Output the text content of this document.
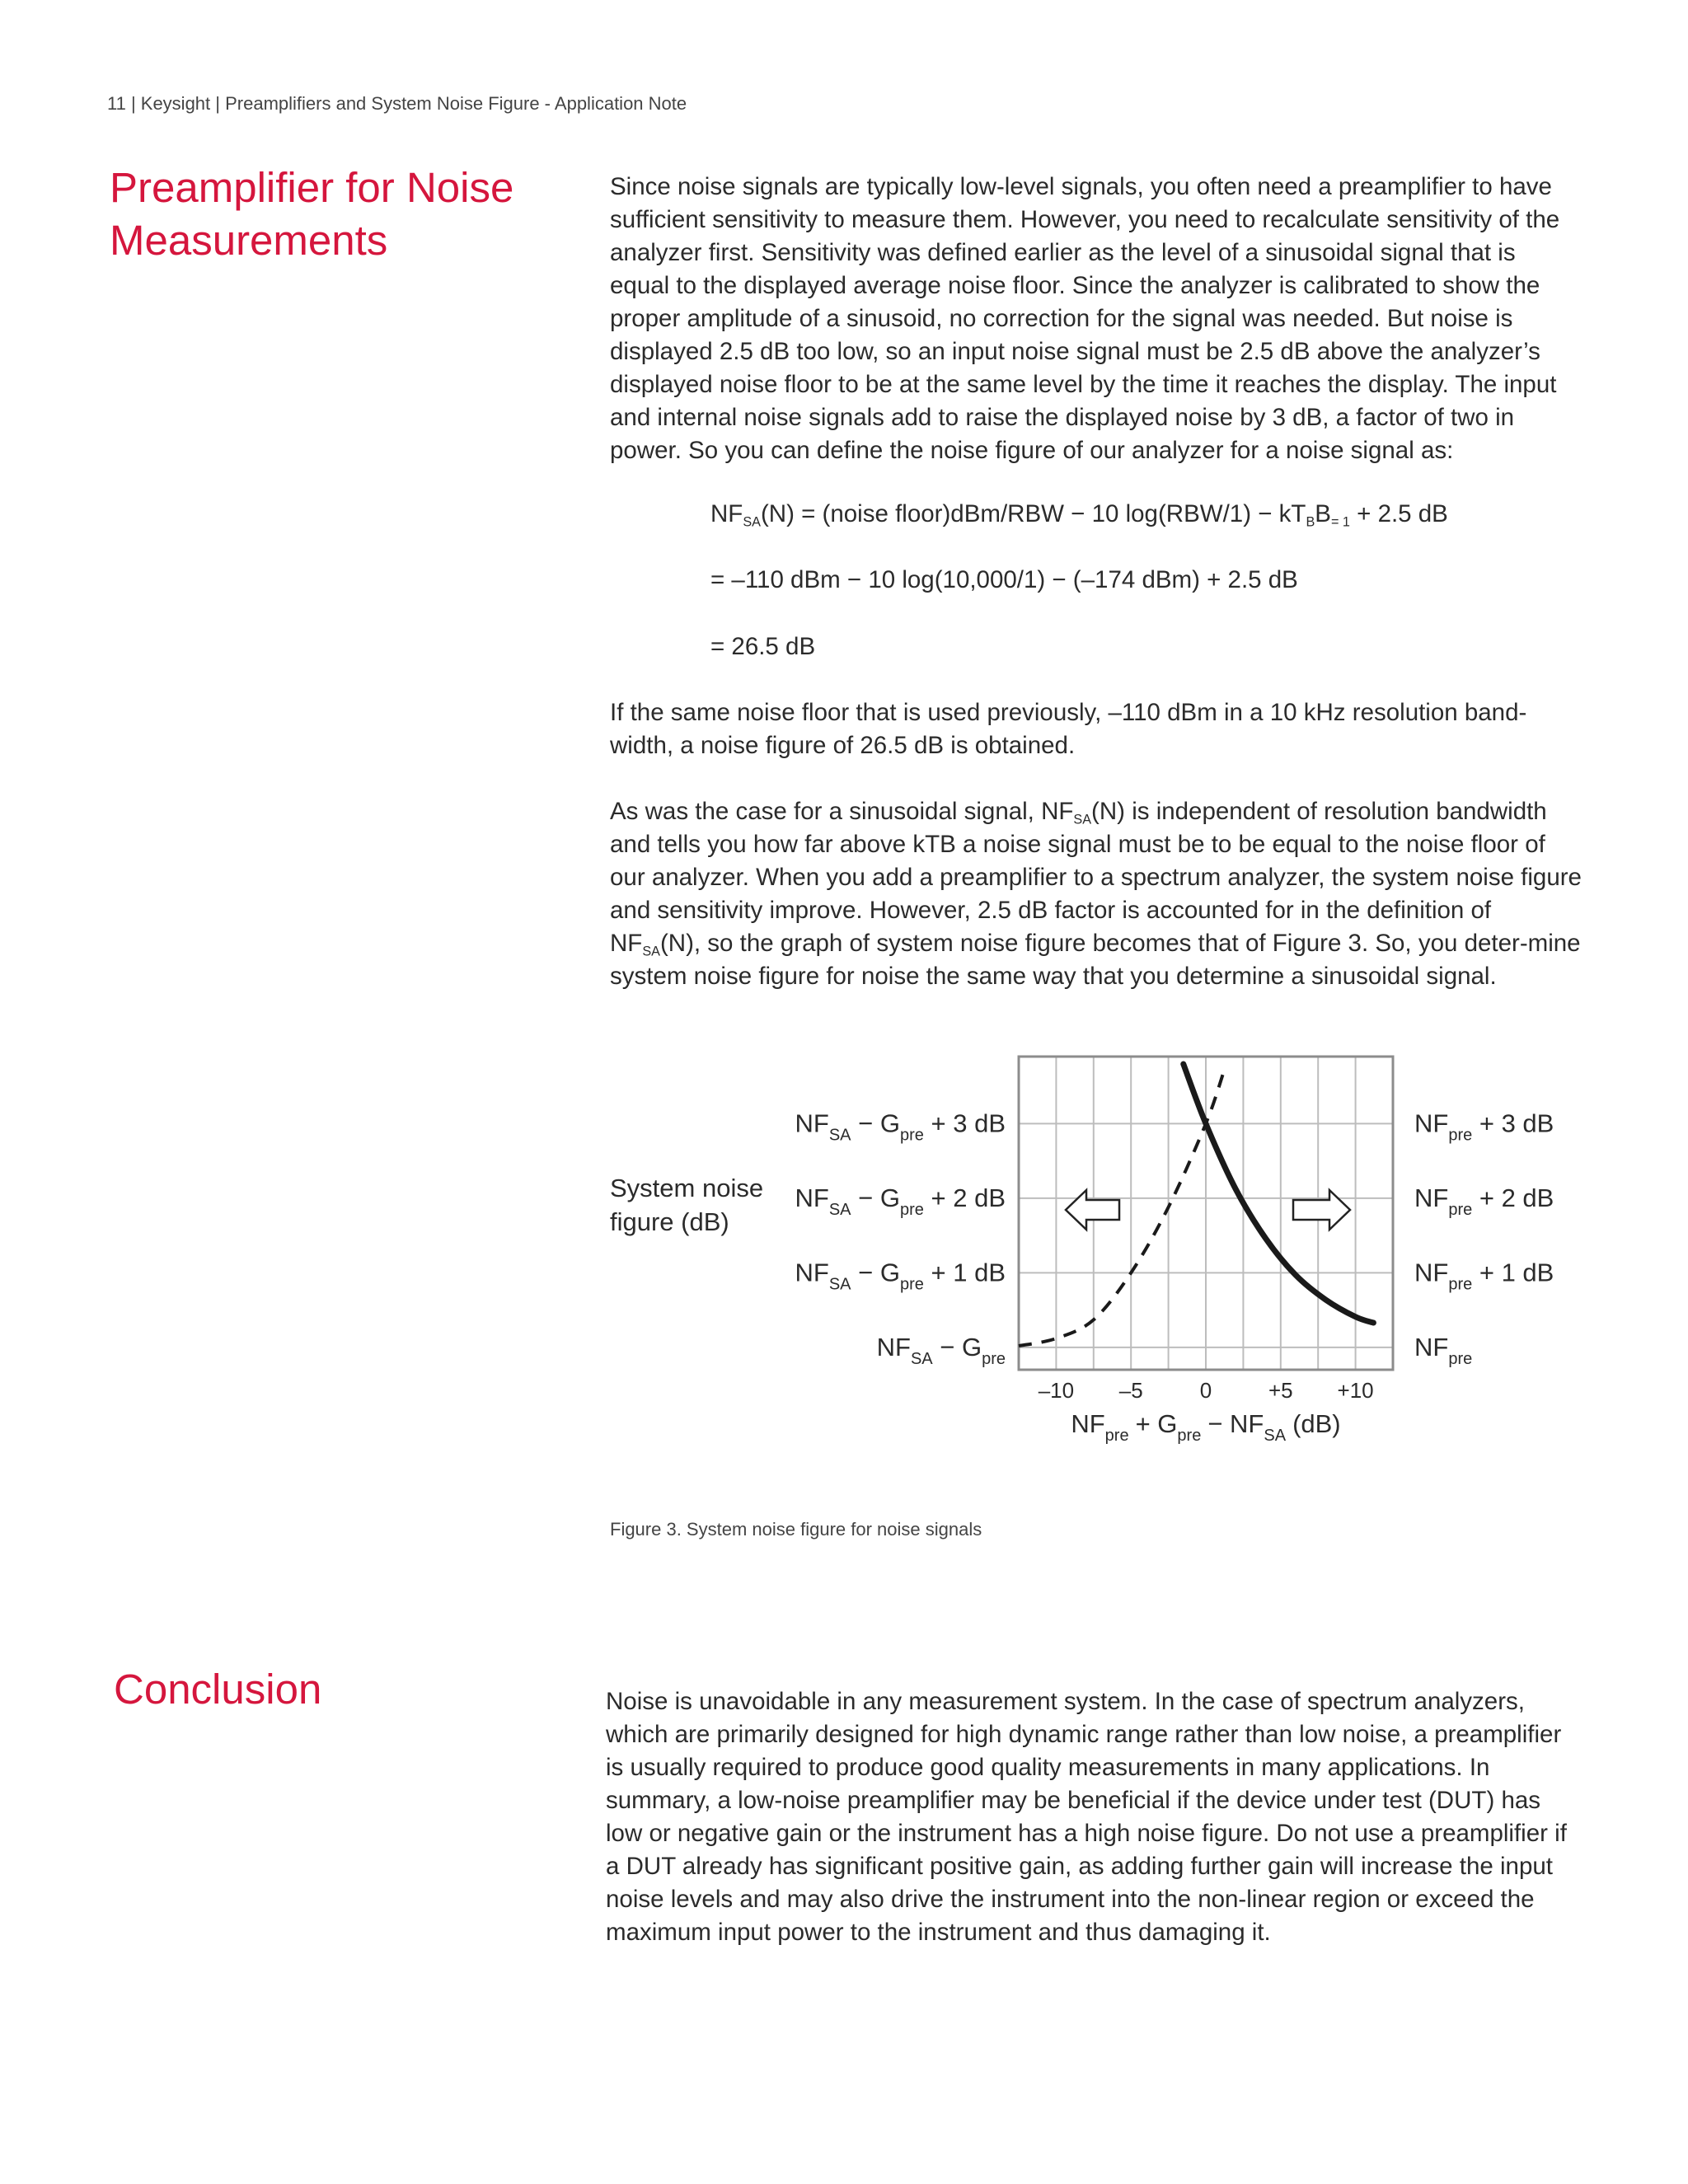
11 | Keysight | Preamplifiers and System Noise Figure - Application Note
Preamplifier for Noise Measurements

Since noise signals are typically low-level signals, you often need a preamplifier to have sufficient sensitivity to measure them. However, you need to recalculate sensitivity of the analyzer first. Sensitivity was defined earlier as the level of a sinusoidal signal that is equal to the displayed average noise floor. Since the analyzer is calibrated to show the proper amplitude of a sinusoid, no correction for the signal was needed. But noise is displayed 2.5 dB too low, so an input noise signal must be 2.5 dB above the analyzer’s displayed noise floor to be at the same level by the time it reaches the display. The input and internal noise signals add to raise the displayed noise by 3 dB, a factor of two in power. So you can define the noise figure of our analyzer for a noise signal as:

$NF_{SA}(N)$ = (noise floor)dBm/RBW − 10 $\log(RBW/1) - kT_BB_{= 1} + 2.5$ dB
= –110 dBm − 10 log(10,000/1) − (–174 dBm) + 2.5 dB
= 26.5 dB

If the same noise floor that is used previously, –110 dBm in a 10 kHz resolution band-width, a noise figure of 26.5 dB is obtained.

As was the case for a sinusoidal signal, $NF_{SA}(N)$ is independent of resolution bandwidth and tells you how far above kTB a noise signal must be to be equal to the noise floor of our analyzer. When you add a preamplifier to a spectrum analyzer, the system noise figure and sensitivity improve. However, 2.5 dB factor is accounted for in the definition of $NF_{SA}(N)$, so the graph of system noise figure becomes that of Figure 3. So, you deter-mine system noise figure for noise the same way that you determine a sinusoidal signal.

System noise
figure (dB)
$NF_{SA} - G_{pre} + 3$ dB
$NF_{SA} - G_{pre} + 2$ dB
$NF_{SA} - G_{pre} + 1$ dB
$NF_{SA} - G_{pre}$
$NF_{pre} + 3$ dB
$NF_{pre} + 2$ dB
$NF_{pre} + 1$ dB
$NF_{pre}$
–10 –5	0	+5 +10
$NF_{pre} + G_{pre} - NF_{SA}$ (dB)
Figure 3. System noise figure for noise signals
Conclusion	Noise is unavoidable in any measurement system. In the case of spectrum analyzers, which are primarily designed for high dynamic range rather than low noise, a preamplifier is usually required to produce good quality measurements in many applications. In summary, a low-noise preamplifier may be beneficial if the device under test (DUT) has low or negative gain or the instrument has a high noise figure. Do not use a preamplifier if a DUT already has significant positive gain, as adding further gain will increase the input noise levels and may also drive the instrument into the non-linear region or exceed the maximum input power to the instrument and thus damaging it.
